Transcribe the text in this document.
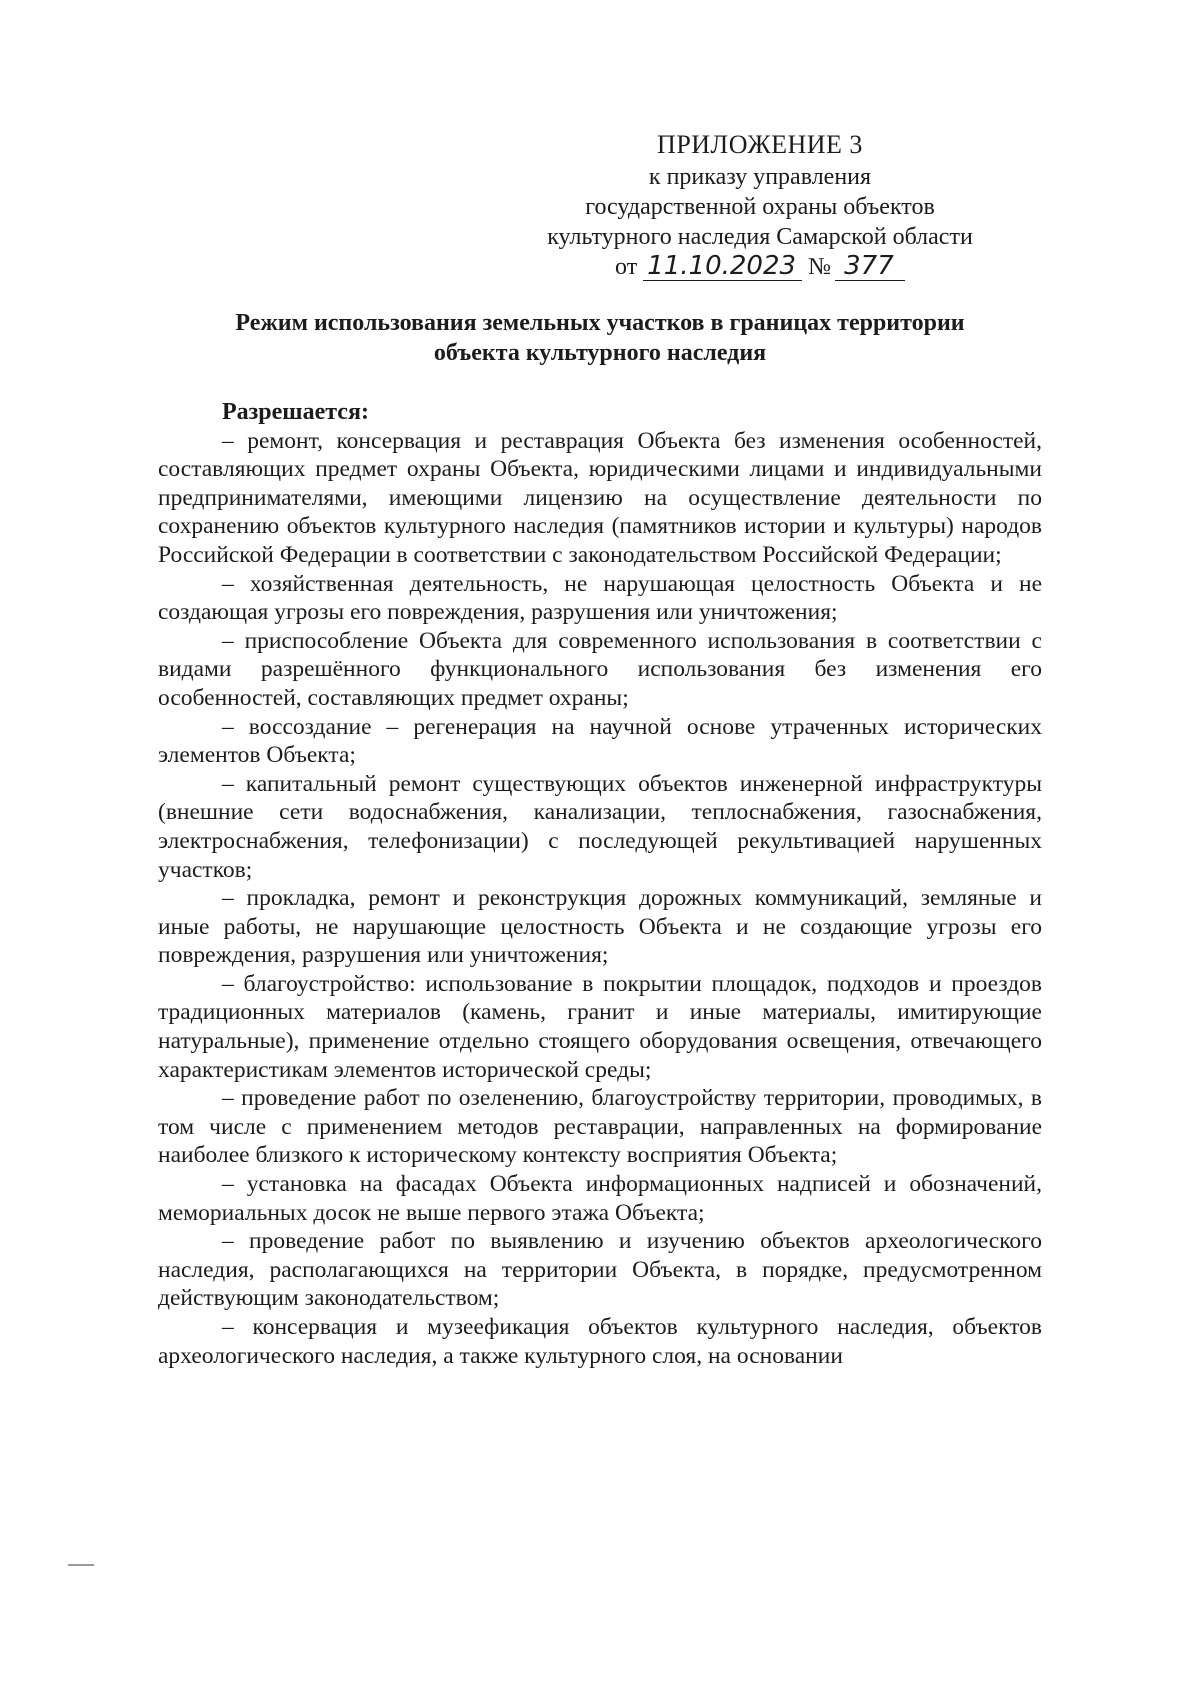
ПРИЛОЖЕНИЕ 3
к приказу управления
государственной охраны объектов
культурного наследия Самарской области
от 11.10.2023 № 377
Режим использования земельных участков в границах территории
объекта культурного наследия
Разрешается:

– ремонт, консервация и реставрация Объекта без изменения особенностей, составляющих предмет охраны Объекта, юридическими лицами и индивидуальными предпринимателями, имеющими лицензию на осуществление деятельности по сохранению объектов культурного наследия (памятников истории и культуры) народов Российской Федерации в соответствии с законодательством Российской Федерации;

– хозяйственная деятельность, не нарушающая целостность Объекта и не создающая угрозы его повреждения, разрушения или уничтожения;

– приспособление Объекта для современного использования в соответствии с видами разрешённого функционального использования без изменения его особенностей, составляющих предмет охраны;

– воссоздание – регенерация на научной основе утраченных исторических элементов Объекта;

– капитальный ремонт существующих объектов инженерной инфраструктуры (внешние сети водоснабжения, канализации, теплоснабжения, газоснабжения, электроснабжения, телефонизации) с последующей рекультивацией нарушенных участков;

– прокладка, ремонт и реконструкция дорожных коммуникаций, земляные и иные работы, не нарушающие целостность Объекта и не создающие угрозы его повреждения, разрушения или уничтожения;

– благоустройство: использование в покрытии площадок, подходов и проездов традиционных материалов (камень, гранит и иные материалы, имитирующие натуральные), применение отдельно стоящего оборудования освещения, отвечающего характеристикам элементов исторической среды;

– проведение работ по озеленению, благоустройству территории, проводимых, в том числе с применением методов реставрации, направленных на формирование наиболее близкого к историческому контексту восприятия Объекта;

– установка на фасадах Объекта информационных надписей и обозначений, мемориальных досок не выше первого этажа Объекта;

– проведение работ по выявлению и изучению объектов археологического наследия, располагающихся на территории Объекта, в порядке, предусмотренном действующим законодательством;

– консервация и музеефикация объектов культурного наследия, объектов археологического наследия, а также культурного слоя, на основании
